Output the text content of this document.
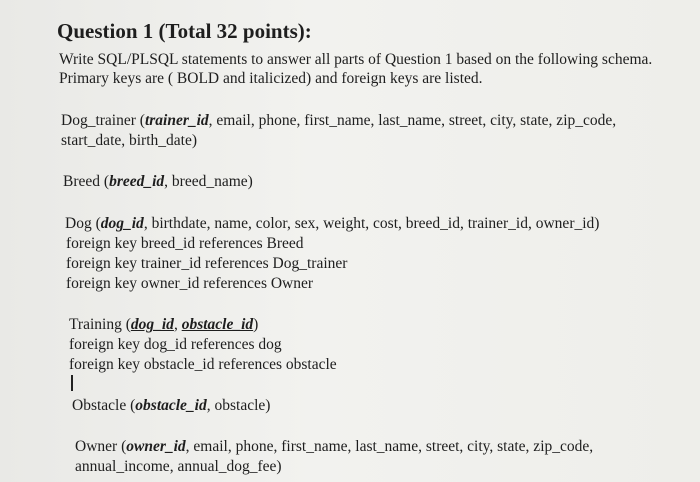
Question 1 (Total 32 points):
Write SQL/PLSQL statements to answer all parts of Question 1 based on the following schema.
Primary keys are ( BOLD and italicized) and foreign keys are listed.
Dog_trainer (trainer_id, email, phone, first_name, last_name, street, city, state, zip_code,
start_date, birth_date)
Breed (breed_id, breed_name)
Dog (dog_id, birthdate, name, color, sex, weight, cost, breed_id, trainer_id, owner_id)
foreign key breed_id references Breed
foreign key trainer_id references Dog_trainer
foreign key owner_id references Owner
Training (dog_id, obstacle_id)
foreign key dog_id references dog
foreign key obstacle_id references obstacle
Obstacle (obstacle_id, obstacle)
Owner (owner_id, email, phone, first_name, last_name, street, city, state, zip_code,
annual_income, annual_dog_fee)
